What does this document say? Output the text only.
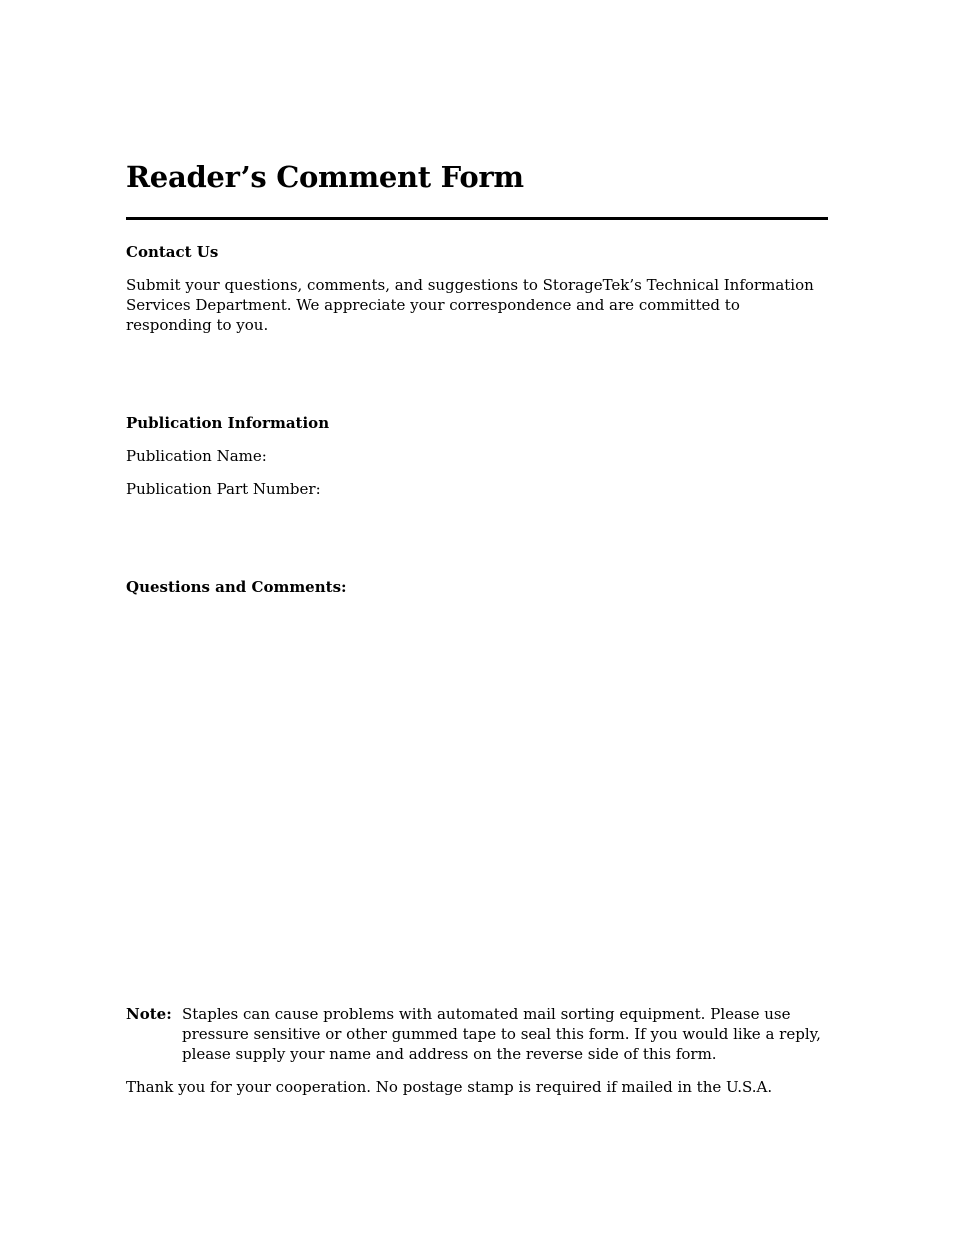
Reader’s Comment Form
Contact Us

Submit your questions, comments, and suggestions to StorageTek’s Technical Information Services Department. We appreciate your correspondence and are committed to responding to you.

Publication Information

Publication Name:

Publication Part Number:

Questions and Comments:

Note: Staples can cause problems with automated mail sorting equipment. Please use pressure sensitive or other gummed tape to seal this form. If you would like a reply, please supply your name and address on the reverse side of this form.

Thank you for your cooperation. No postage stamp is required if mailed in the U.S.A.
